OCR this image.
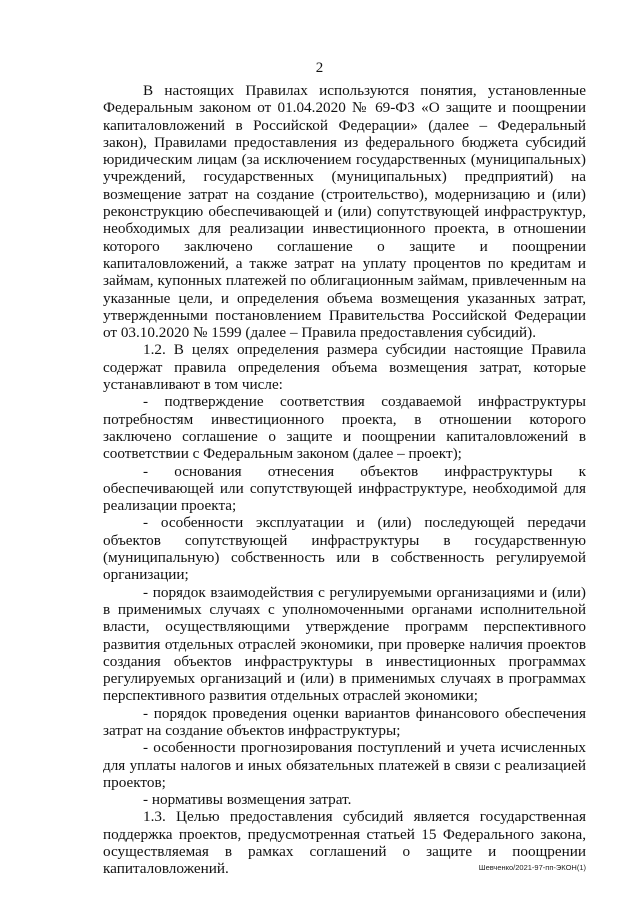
2

В настоящих Правилах используются понятия, установленные Федеральным законом от 01.04.2020 № 69-ФЗ «О защите и поощрении капиталовложений в Российской Федерации» (далее – Федеральный закон), Правилами предоставления из федерального бюджета субсидий юридическим лицам (за исключением государственных (муниципальных) учреждений, государственных (муниципальных) предприятий) на возмещение затрат на создание (строительство), модернизацию и (или) реконструкцию обеспечивающей и (или) сопутствующей инфраструктур, необходимых для реализации инвестиционного проекта, в отношении которого заключено соглашение о защите и поощрении капиталовложений, а также затрат на уплату процентов по кредитам и займам, купонных платежей по облигационным займам, привлеченным на указанные цели, и определения объема возмещения указанных затрат, утвержденными постановлением Правительства Российской Федерации от 03.10.2020 № 1599 (далее – Правила предоставления субсидий).

1.2. В целях определения размера субсидии настоящие Правила содержат правила определения объема возмещения затрат, которые устанавливают в том числе:

- подтверждение соответствия создаваемой инфраструктуры потребностям инвестиционного проекта, в отношении которого заключено соглашение о защите и поощрении капиталовложений в соответствии с Федеральным законом (далее – проект);

- основания отнесения объектов инфраструктуры к обеспечивающей или сопутствующей инфраструктуре, необходимой для реализации проекта;

- особенности эксплуатации и (или) последующей передачи объектов сопутствующей инфраструктуры в государственную (муниципальную) собственность или в собственность регулируемой организации;

- порядок взаимодействия с регулируемыми организациями и (или) в применимых случаях с уполномоченными органами исполнительной власти, осуществляющими утверждение программ перспективного развития отдельных отраслей экономики, при проверке наличия проектов создания объектов инфраструктуры в инвестиционных программах регулируемых организаций и (или) в применимых случаях в программах перспективного развития отдельных отраслей экономики;

- порядок проведения оценки вариантов финансового обеспечения затрат на создание объектов инфраструктуры;

- особенности прогнозирования поступлений и учета исчисленных для уплаты налогов и иных обязательных платежей в связи с реализацией проектов;

- нормативы возмещения затрат.

1.3. Целью предоставления субсидий является государственная поддержка проектов, предусмотренная статьей 15 Федерального закона, осуществляемая в рамках соглашений о защите и поощрении капиталовложений.	Шевченко/2021-97-пп-ЭКОН(1)
